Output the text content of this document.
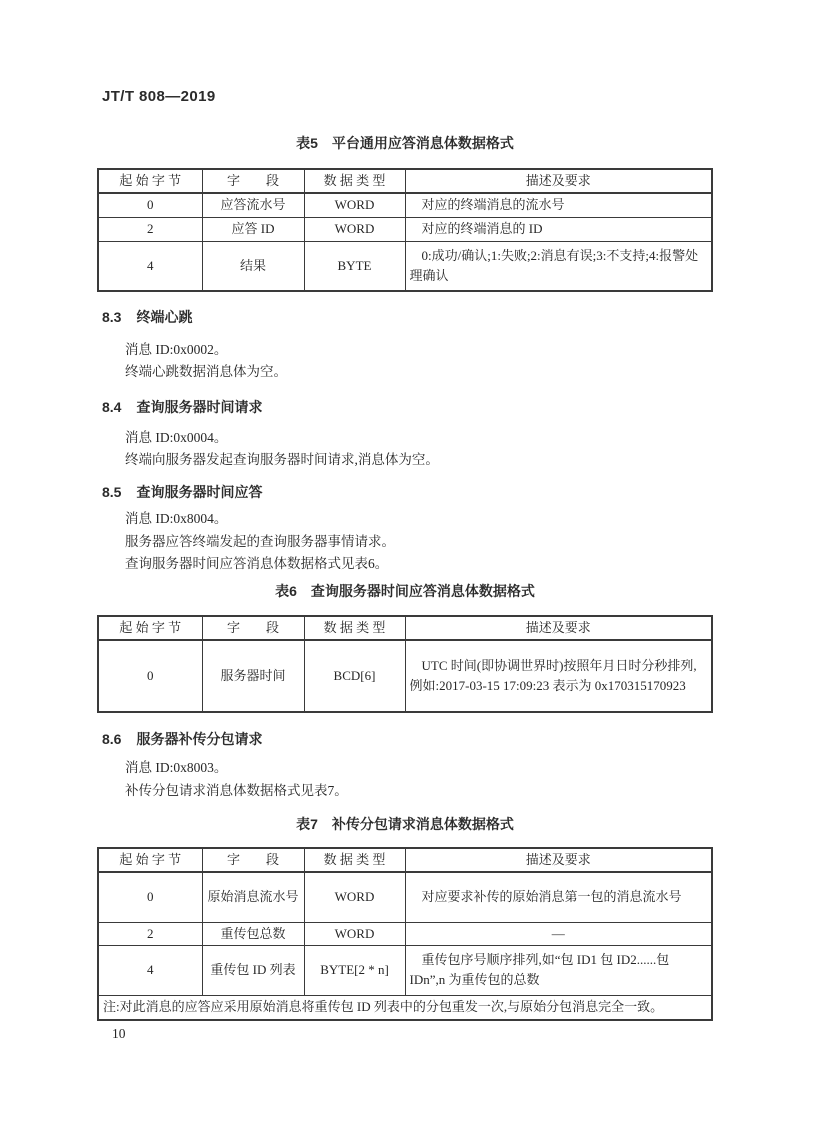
JT/T 808—2019
表5　平台通用应答消息体数据格式
起 始 字 节	字　　段	数 据 类 型	描述及要求
0	应答流水号	WORD	对应的终端消息的流水号
2	应答 ID	WORD	对应的终端消息的 ID
4	结果	BYTE	0:成功/确认;1:失败;2:消息有误;3:不支持;4:报警处理确认
8.3 终端心跳
消息 ID:0x0002。
终端心跳数据消息体为空。
8.4 查询服务器时间请求
消息 ID:0x0004。
终端向服务器发起查询服务器时间请求,消息体为空。
8.5 查询服务器时间应答
消息 ID:0x8004。
服务器应答终端发起的查询服务器事情请求。
查询服务器时间应答消息体数据格式见表6。
表6　查询服务器时间应答消息体数据格式
起 始 字 节	字　　段	数 据 类 型	描述及要求
0	服务器时间	BCD[6]	UTC 时间(即协调世界时)按照年月日时分秒排列,例如:2017-03-15 17:09:23 表示为 0x170315170923
8.6 服务器补传分包请求
消息 ID:0x8003。
补传分包请求消息体数据格式见表7。
表7　补传分包请求消息体数据格式
起 始 字 节	字　　段	数 据 类 型	描述及要求
0	原始消息流水号	WORD	对应要求补传的原始消息第一包的消息流水号
2	重传包总数	WORD	—
4	重传包 ID 列表	BYTE[2 * n]	重传包序号顺序排列,如“包 ID1 包 ID2......包 IDn”,n 为重传包的总数
注:对此消息的应答应采用原始消息将重传包 ID 列表中的分包重发一次,与原始分包消息完全一致。			
10
